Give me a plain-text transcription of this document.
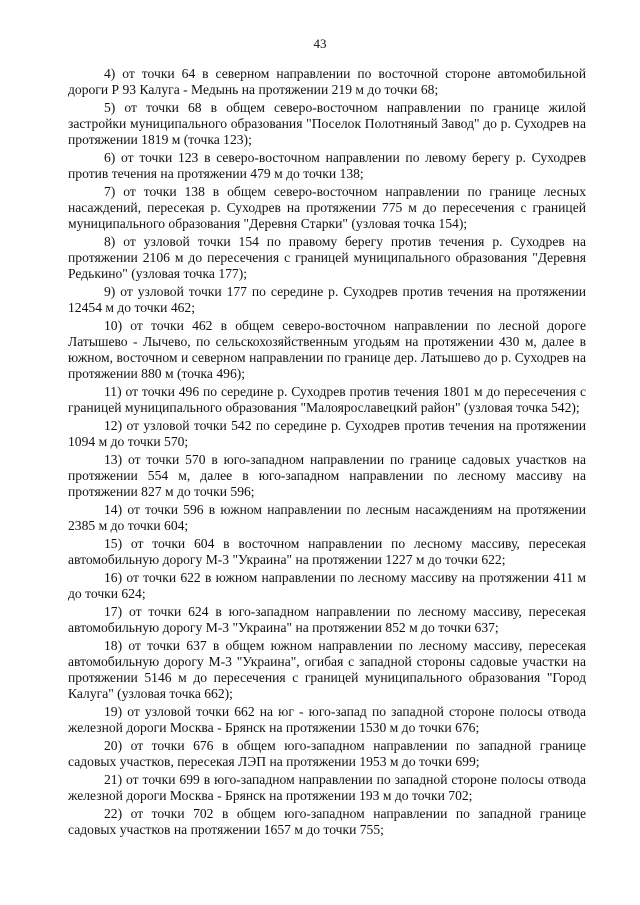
43

4) от точки 64 в северном направлении по восточной стороне автомобильной дороги Р 93 Калуга - Медынь на протяжении 219 м до точки 68;

5) от точки 68 в общем северо-восточном направлении по границе жилой застройки муниципального образования "Поселок Полотняный Завод" до р. Суходрев на протяжении 1819 м (точка 123);

6) от точки 123 в северо-восточном направлении по левому берегу р. Суходрев против течения на протяжении 479 м до точки 138;

7) от точки 138 в общем северо-восточном направлении по границе лесных насаждений, пересекая р. Суходрев на протяжении 775 м до пересечения с границей муниципального образования "Деревня Старки" (узловая точка 154);

8) от узловой точки 154 по правому берегу против течения р. Суходрев на протяжении 2106 м до пересечения с границей муниципального образования "Деревня Редькино" (узловая точка 177);

9) от узловой точки 177 по середине р. Суходрев против течения на протяжении 12454 м до точки 462;

10) от точки 462 в общем северо-восточном направлении по лесной дороге Латышево - Лычево, по сельскохозяйственным угодьям на протяжении 430 м, далее в южном, восточном и северном направлении по границе дер. Латышево до р. Суходрев на протяжении 880 м (точка 496);

11) от точки 496 по середине р. Суходрев против течения 1801 м до пересечения с границей муниципального образования "Малоярославецкий район" (узловая точка 542);

12) от узловой точки 542 по середине р. Суходрев против течения на протяжении 1094 м до точки 570;

13) от точки 570 в юго-западном направлении по границе садовых участков на протяжении 554 м, далее в юго-западном направлении по лесному массиву на протяжении 827 м до точки 596;

14) от точки 596 в южном направлении по лесным насаждениям на протяжении 2385 м до точки 604;

15) от точки 604 в восточном направлении по лесному массиву, пересекая автомобильную дорогу М-3 "Украина" на протяжении 1227 м до точки 622;

16) от точки 622 в южном направлении по лесному массиву на протяжении 411 м до точки 624;

17) от точки 624 в юго-западном направлении по лесному массиву, пересекая автомобильную дорогу М-3 "Украина" на протяжении 852 м до точки 637;

18) от точки 637 в общем южном направлении по лесному массиву, пересекая автомобильную дорогу М-3 "Украина", огибая с западной стороны садовые участки на протяжении 5146 м до пересечения с границей муниципального образования "Город Калуга" (узловая точка 662);

19) от узловой точки 662 на юг - юго-запад по западной стороне полосы отвода железной дороги Москва - Брянск на протяжении 1530 м до точки 676;

20) от точки 676 в общем юго-западном направлении по западной границе садовых участков, пересекая ЛЭП на протяжении 1953 м до точки 699;

21) от точки 699 в юго-западном направлении по западной стороне полосы отвода железной дороги Москва - Брянск на протяжении 193 м до точки 702;

22) от точки 702 в общем юго-западном направлении по западной границе садовых участков на протяжении 1657 м до точки 755;
